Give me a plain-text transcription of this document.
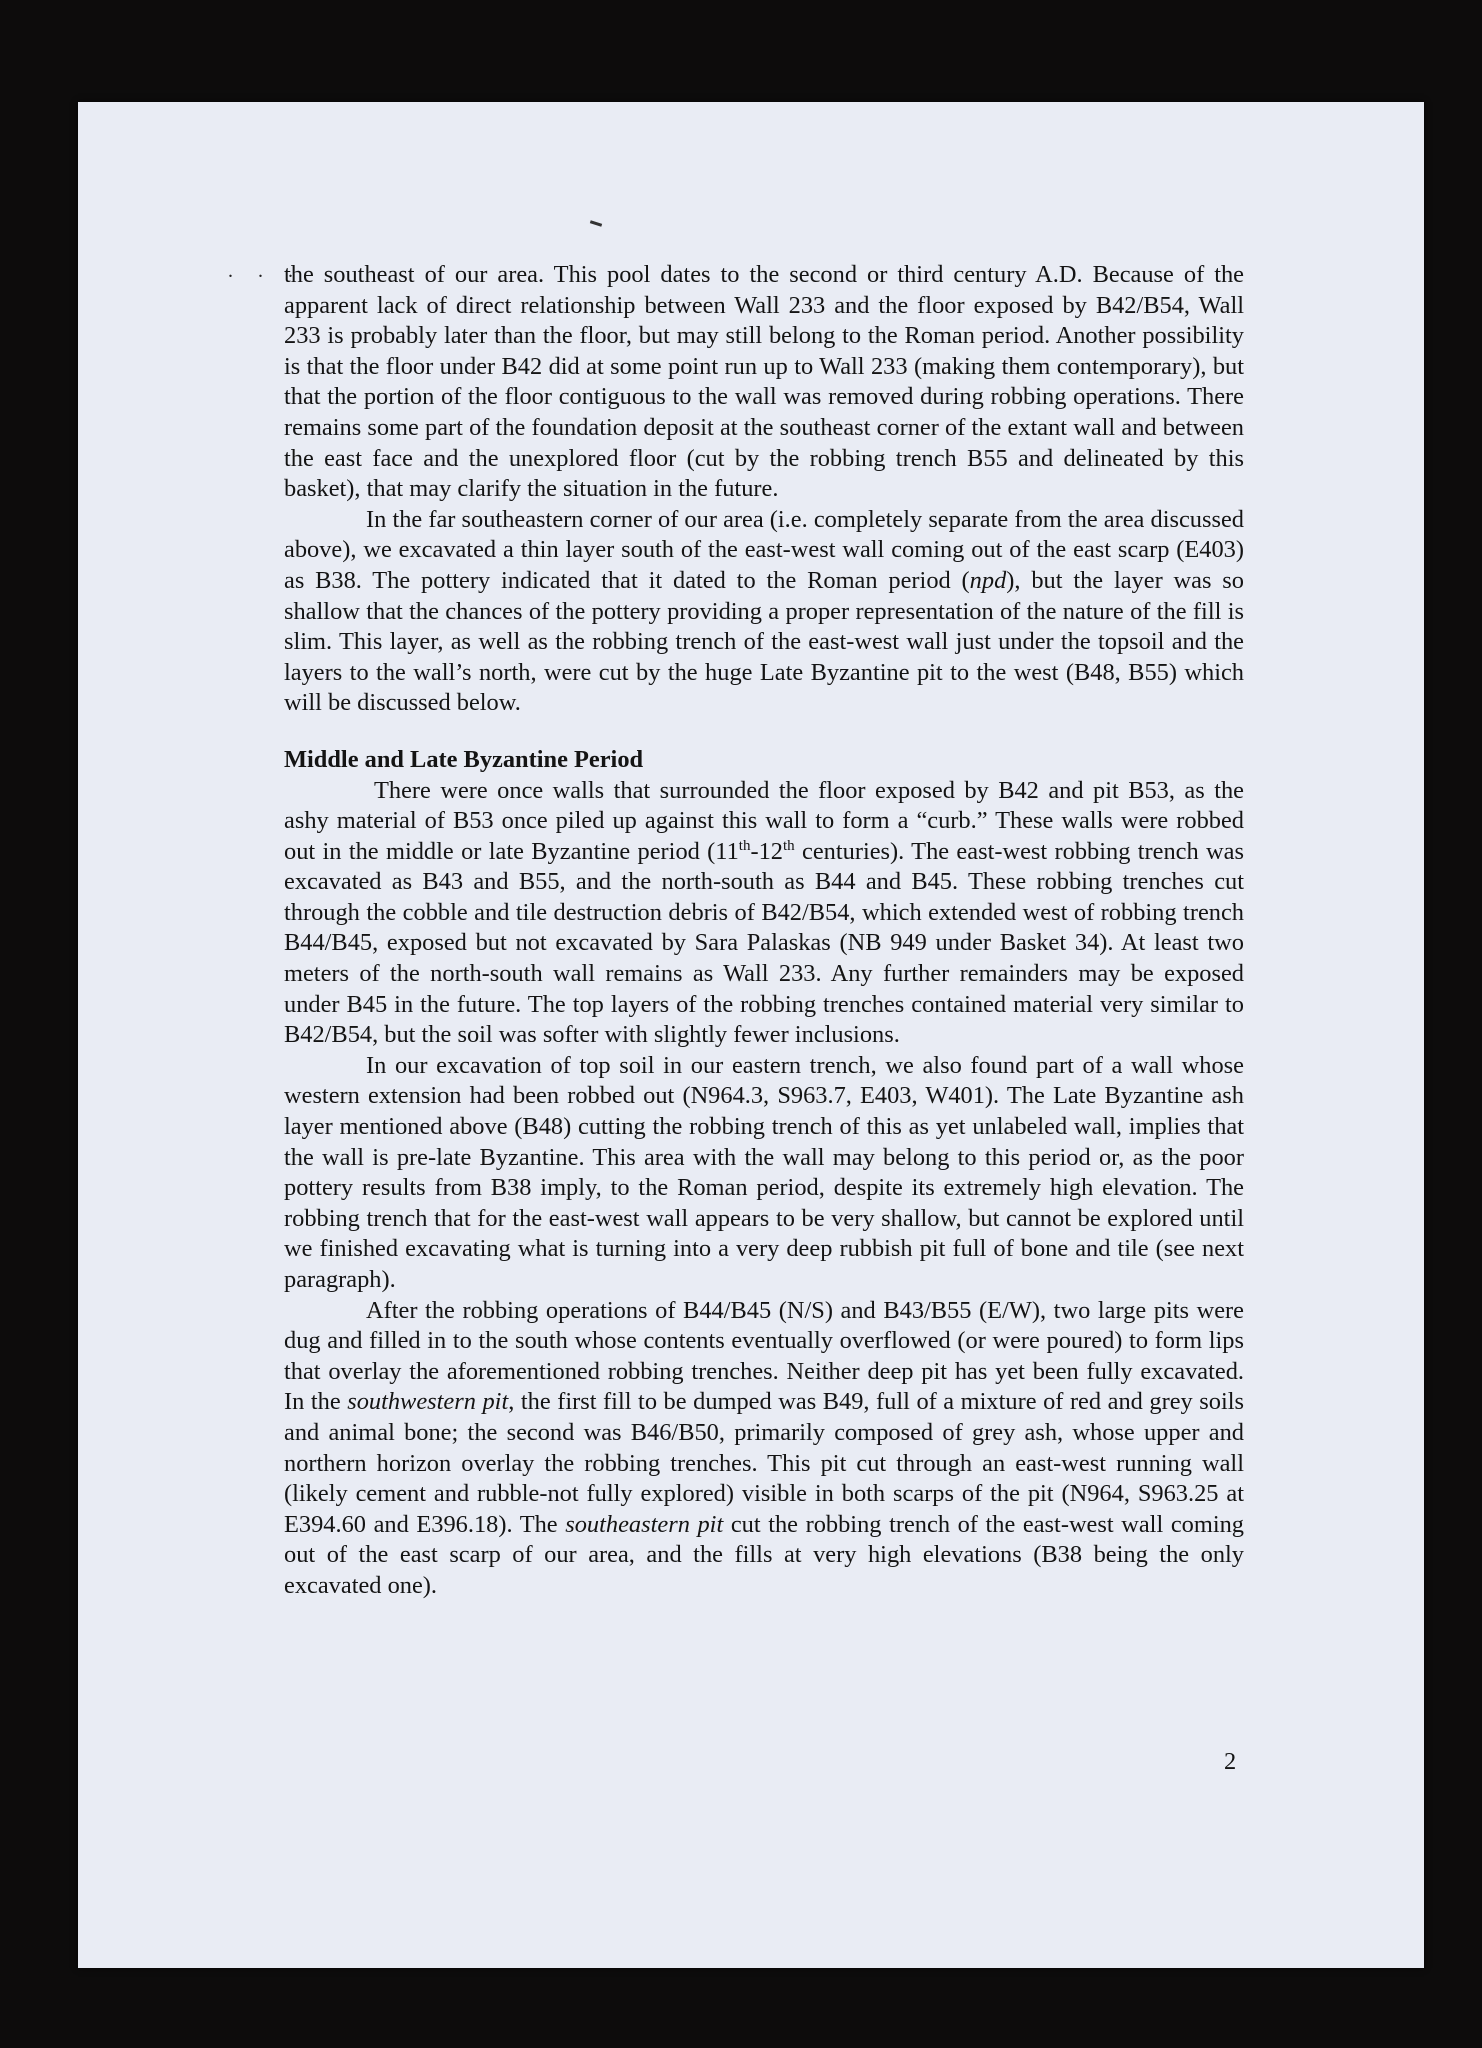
. . .

the southeast of our area. This pool dates to the second or third century A.D. Because of the apparent lack of direct relationship between Wall 233 and the floor exposed by B42/B54, Wall 233 is probably later than the floor, but may still belong to the Roman period. Another possibility is that the floor under B42 did at some point run up to Wall 233 (making them contemporary), but that the portion of the floor contiguous to the wall was removed during robbing operations. There remains some part of the foundation deposit at the southeast corner of the extant wall and between the east face and the unexplored floor (cut by the robbing trench B55 and delineated by this basket), that may clarify the situation in the future.

In the far southeastern corner of our area (i.e. completely separate from the area discussed above), we excavated a thin layer south of the east-west wall coming out of the east scarp (E403) as B38. The pottery indicated that it dated to the Roman period (npd), but the layer was so shallow that the chances of the pottery providing a proper representation of the nature of the fill is slim. This layer, as well as the robbing trench of the east-west wall just under the topsoil and the layers to the wall’s north, were cut by the huge Late Byzantine pit to the west (B48, B55) which will be discussed below.

Middle and Late Byzantine Period

There were once walls that surrounded the floor exposed by B42 and pit B53, as the ashy material of B53 once piled up against this wall to form a “curb.” These walls were robbed out in the middle or late Byzantine period (11th-12th centuries). The east-west robbing trench was excavated as B43 and B55, and the north-south as B44 and B45. These robbing trenches cut through the cobble and tile destruction debris of B42/B54, which extended west of robbing trench B44/B45, exposed but not excavated by Sara Palaskas (NB 949 under Basket 34). At least two meters of the north-south wall remains as Wall 233. Any further remainders may be exposed under B45 in the future. The top layers of the robbing trenches contained material very similar to B42/B54, but the soil was softer with slightly fewer inclusions.

In our excavation of top soil in our eastern trench, we also found part of a wall whose western extension had been robbed out (N964.3, S963.7, E403, W401). The Late Byzantine ash layer mentioned above (B48) cutting the robbing trench of this as yet unlabeled wall, implies that the wall is pre-late Byzantine. This area with the wall may belong to this period or, as the poor pottery results from B38 imply, to the Roman period, despite its extremely high elevation. The robbing trench that for the east-west wall appears to be very shallow, but cannot be explored until we finished excavating what is turning into a very deep rubbish pit full of bone and tile (see next paragraph).

After the robbing operations of B44/B45 (N/S) and B43/B55 (E/W), two large pits were dug and filled in to the south whose contents eventually overflowed (or were poured) to form lips that overlay the aforementioned robbing trenches. Neither deep pit has yet been fully excavated. In the southwestern pit, the first fill to be dumped was B49, full of a mixture of red and grey soils and animal bone; the second was B46/B50, primarily composed of grey ash, whose upper and northern horizon overlay the robbing trenches. This pit cut through an east-west running wall (likely cement and rubble-not fully explored) visible in both scarps of the pit (N964, S963.25 at E394.60 and E396.18). The southeastern pit cut the robbing trench of the east-west wall coming out of the east scarp of our area, and the fills at very high elevations (B38 being the only excavated one).

2
